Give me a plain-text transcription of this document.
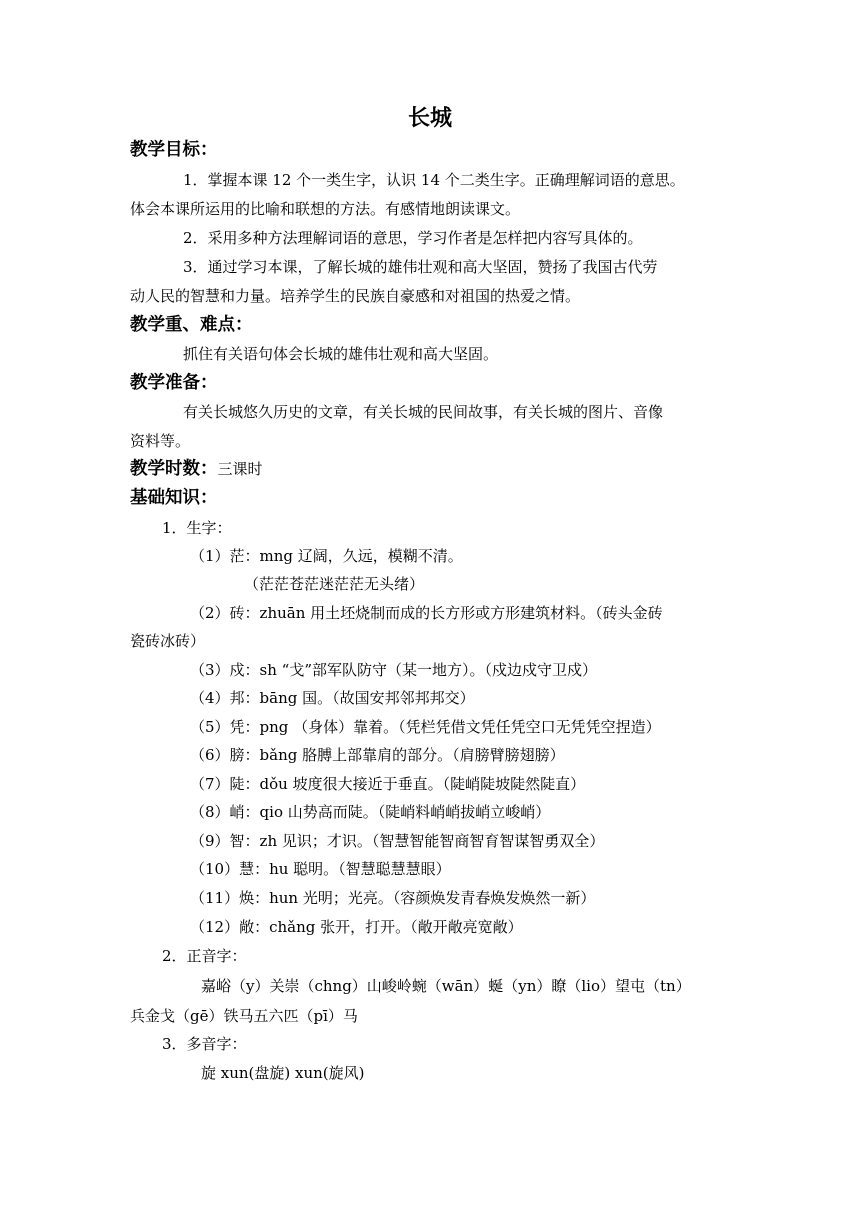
长城
教学目标：
1．掌握本课 12 个一类生字，认识 14 个二类生字。正确理解词语的意思。
体会本课所运用的比喻和联想的方法。有感情地朗读课文。
2．采用多种方法理解词语的意思，学习作者是怎样把内容写具体的。
3．通过学习本课，了解长城的雄伟壮观和高大坚固，赞扬了我国古代劳
动人民的智慧和力量。培养学生的民族自豪感和对祖国的热爱之情。
教学重、难点：
抓住有关语句体会长城的雄伟壮观和高大坚固。
教学准备：
有关长城悠久历史的文章，有关长城的民间故事，有关长城的图片、音像
资料等。
教学时数：三课时
基础知识：
1．生字：
（1）茫：mng 辽阔，久远，模糊不清。
（茫茫苍茫迷茫茫无头绪）
（2）砖：zhuān 用土坯烧制而成的长方形或方形建筑材料。（砖头金砖
瓷砖冰砖）
（3）戍：sh “戈”部军队防守（某一地方）。（戍边戍守卫戍）
（4）邦：bāng 国。（故国安邦邻邦邦交）
（5）凭：png （身体）靠着。（凭栏凭借文凭任凭空口无凭凭空捏造）
（6）膀：bǎng 胳膊上部靠肩的部分。（肩膀臂膀翅膀）
（7）陡：dǒu 坡度很大接近于垂直。（陡峭陡坡陡然陡直）
（8）峭：qio 山势高而陡。（陡峭料峭峭拔峭立峻峭）
（9）智：zh 见识；才识。（智慧智能智商智育智谋智勇双全）
（10）慧：hu 聪明。（智慧聪慧慧眼）
（11）焕：hun 光明；光亮。（容颜焕发青春焕发焕然一新）
（12）敞：chǎng 张开，打开。（敞开敞亮宽敞）
2．正音字：
嘉峪（y）关崇（chng）山峻岭蜿（wān）蜒（yn）瞭（lio）望屯（tn）
兵金戈（gē）铁马五六匹（pī）马
3．多音字：
旋 xun(盘旋) xun(旋风)
